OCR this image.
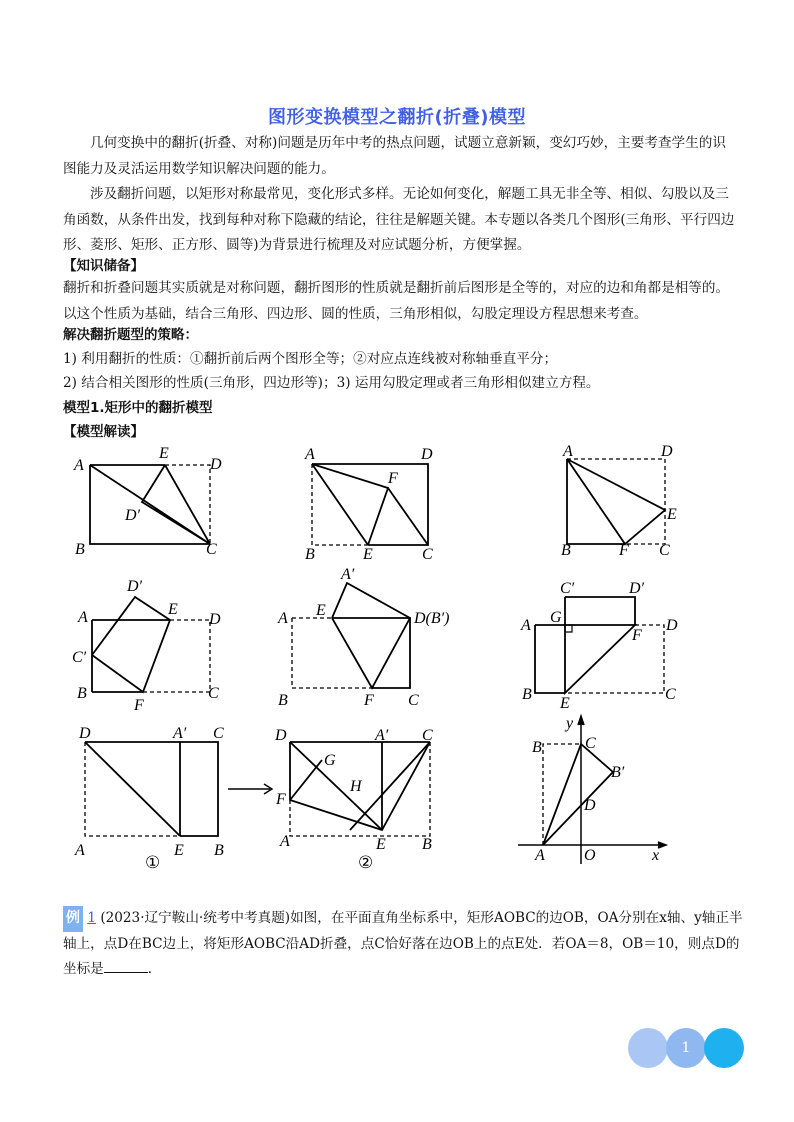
图形变换模型之翻折(折叠)模型
几何变换中的翻折(折叠、对称)问题是历年中考的热点问题，试题立意新颖，变幻巧妙，主要考查学生的识图能力及灵活运用数学知识解决问题的能力。
涉及翻折问题，以矩形对称最常见，变化形式多样。无论如何变化，解题工具无非全等、相似、勾股以及三角函数，从条件出发，找到每种对称下隐藏的结论，往往是解题关键。本专题以各类几个图形(三角形、平行四边形、菱形、矩形、正方形、圆等)为背景进行梳理及对应试题分析，方便掌握。
【知识储备】
翻折和折叠问题其实质就是对称问题，翻折图形的性质就是翻折前后图形是全等的，对应的边和角都是相等的。以这个性质为基础，结合三角形、四边形、圆的性质，三角形相似，勾股定理设方程思想来考查。
解决翻折题型的策略：
1) 利用翻折的性质：①翻折前后两个图形全等；②对应点连线被对称轴垂直平分；
2) 结合相关图形的性质(三角形，四边形等)；3) 运用勾股定理或者三角形相似建立方程。
模型1.矩形中的翻折模型
【模型解读】
A
E
D
D′
B	C
A	D
F
B	E	C
A	D
E
B	F C
A
D′
E
D
C′
B
F
C
A
A′
E	D(B′)
B	F C
C′	D′
A G	D
F
B
E
C
D	A′ C
A	E B
①
D	A′ C
G
H
F
A	E B
②
y
B	C
B′
D
A O	x
例 1 (2023·辽宁鞍山·统考中考真题)如图，在平面直角坐标系中，矩形AOBC的边OB，OA分别在x轴、y轴正半轴上，点D在BC边上，将矩形AOBC沿AD折叠，点C恰好落在边OB上的点E处．若OA＝8，OB＝10，则点D的坐标是	．
1
